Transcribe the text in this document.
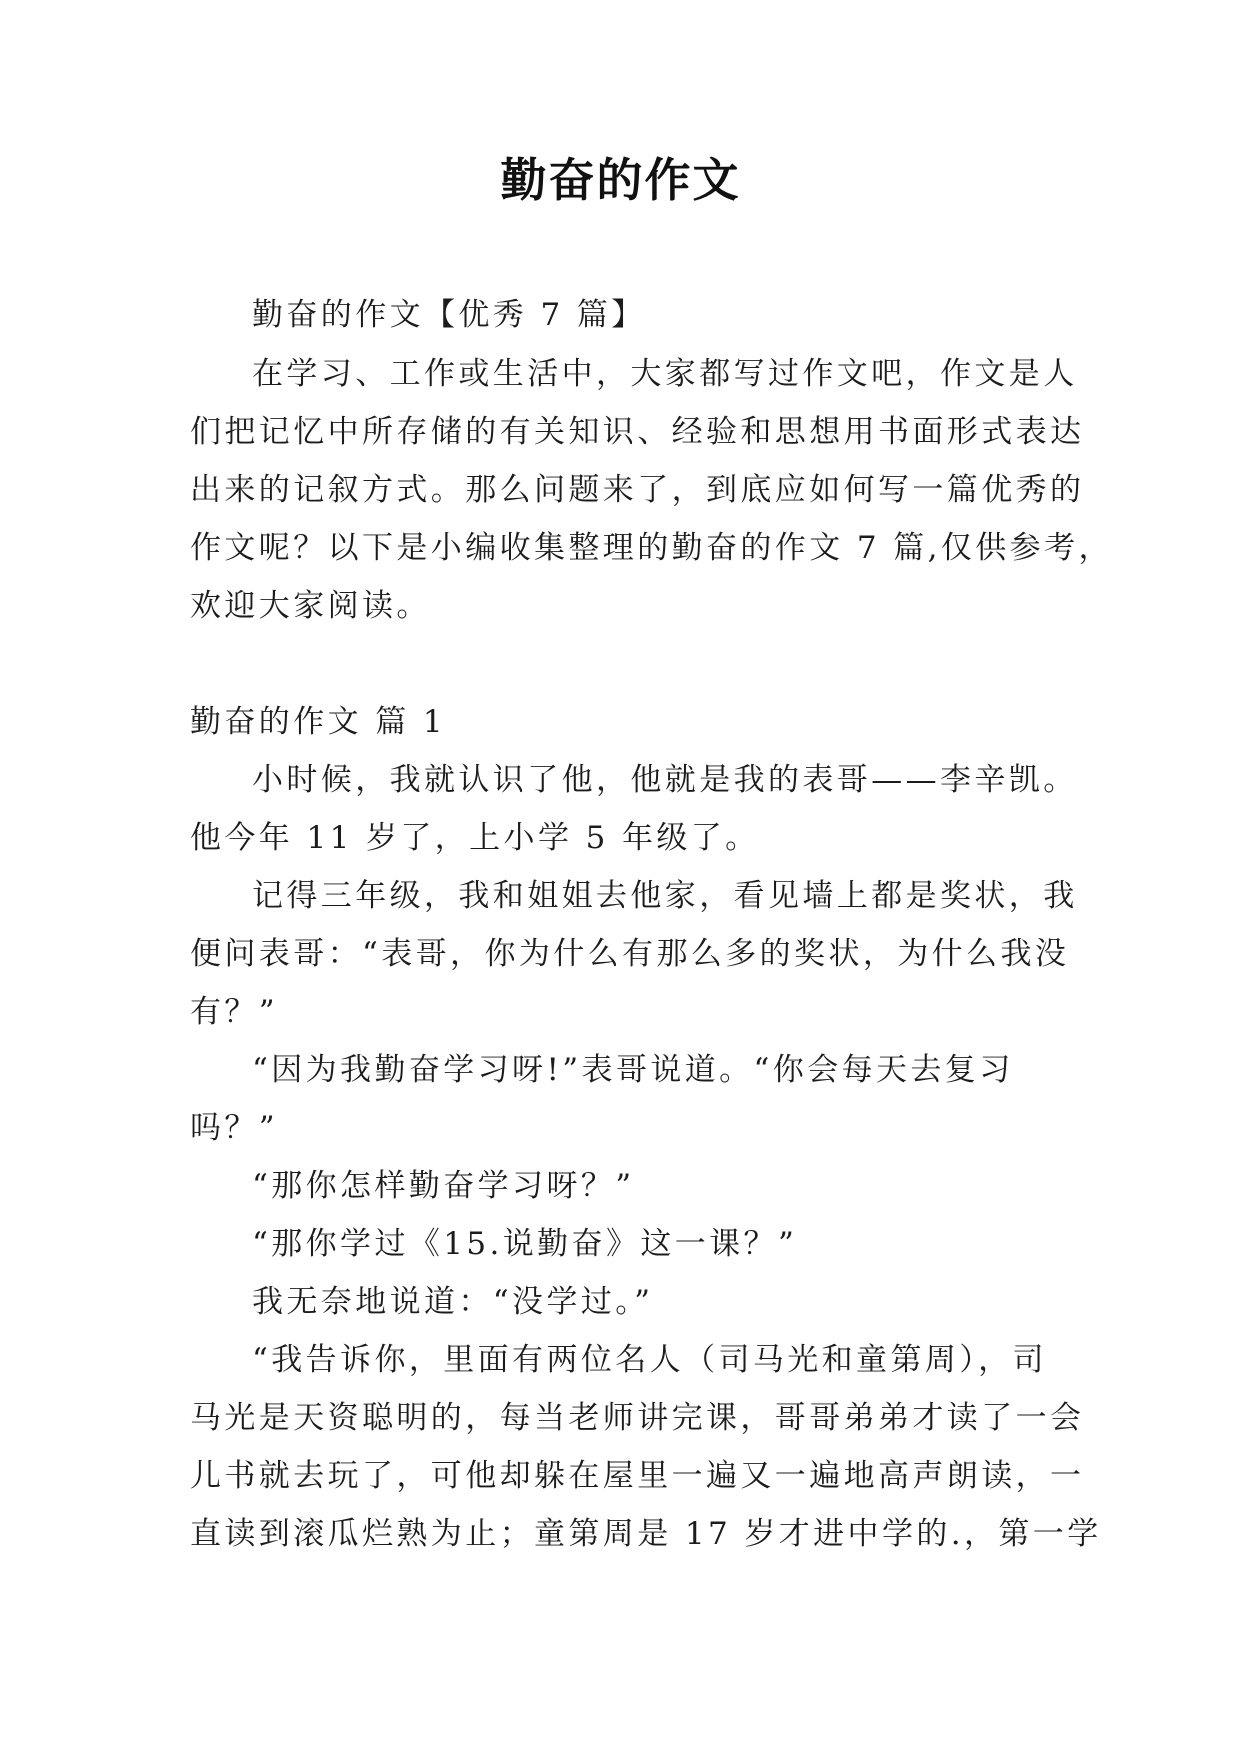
勤奋的作文
勤奋的作文【优秀 7 篇】
在学习、工作或生活中，大家都写过作文吧，作文是人
们把记忆中所存储的有关知识、经验和思想用书面形式表达
出来的记叙方式。那么问题来了，到底应如何写一篇优秀的
作文呢？以下是小编收集整理的勤奋的作文 7 篇,仅供参考，
欢迎大家阅读。
勤奋的作文 篇 1
小时候，我就认识了他，他就是我的表哥——李辛凯。
他今年 11 岁了，上小学 5 年级了。
记得三年级，我和姐姐去他家，看见墙上都是奖状，我
便问表哥：“表哥，你为什么有那么多的奖状，为什么我没
有？”
“因为我勤奋学习呀!”表哥说道。“你会每天去复习
吗？”
“那你怎样勤奋学习呀？”
“那你学过《15.说勤奋》这一课？”
我无奈地说道：“没学过。”
“我告诉你，里面有两位名人（司马光和童第周），司
马光是天资聪明的，每当老师讲完课，哥哥弟弟才读了一会
儿书就去玩了，可他却躲在屋里一遍又一遍地高声朗读，一
直读到滚瓜烂熟为止；童第周是 17 岁才进中学的.，第一学
